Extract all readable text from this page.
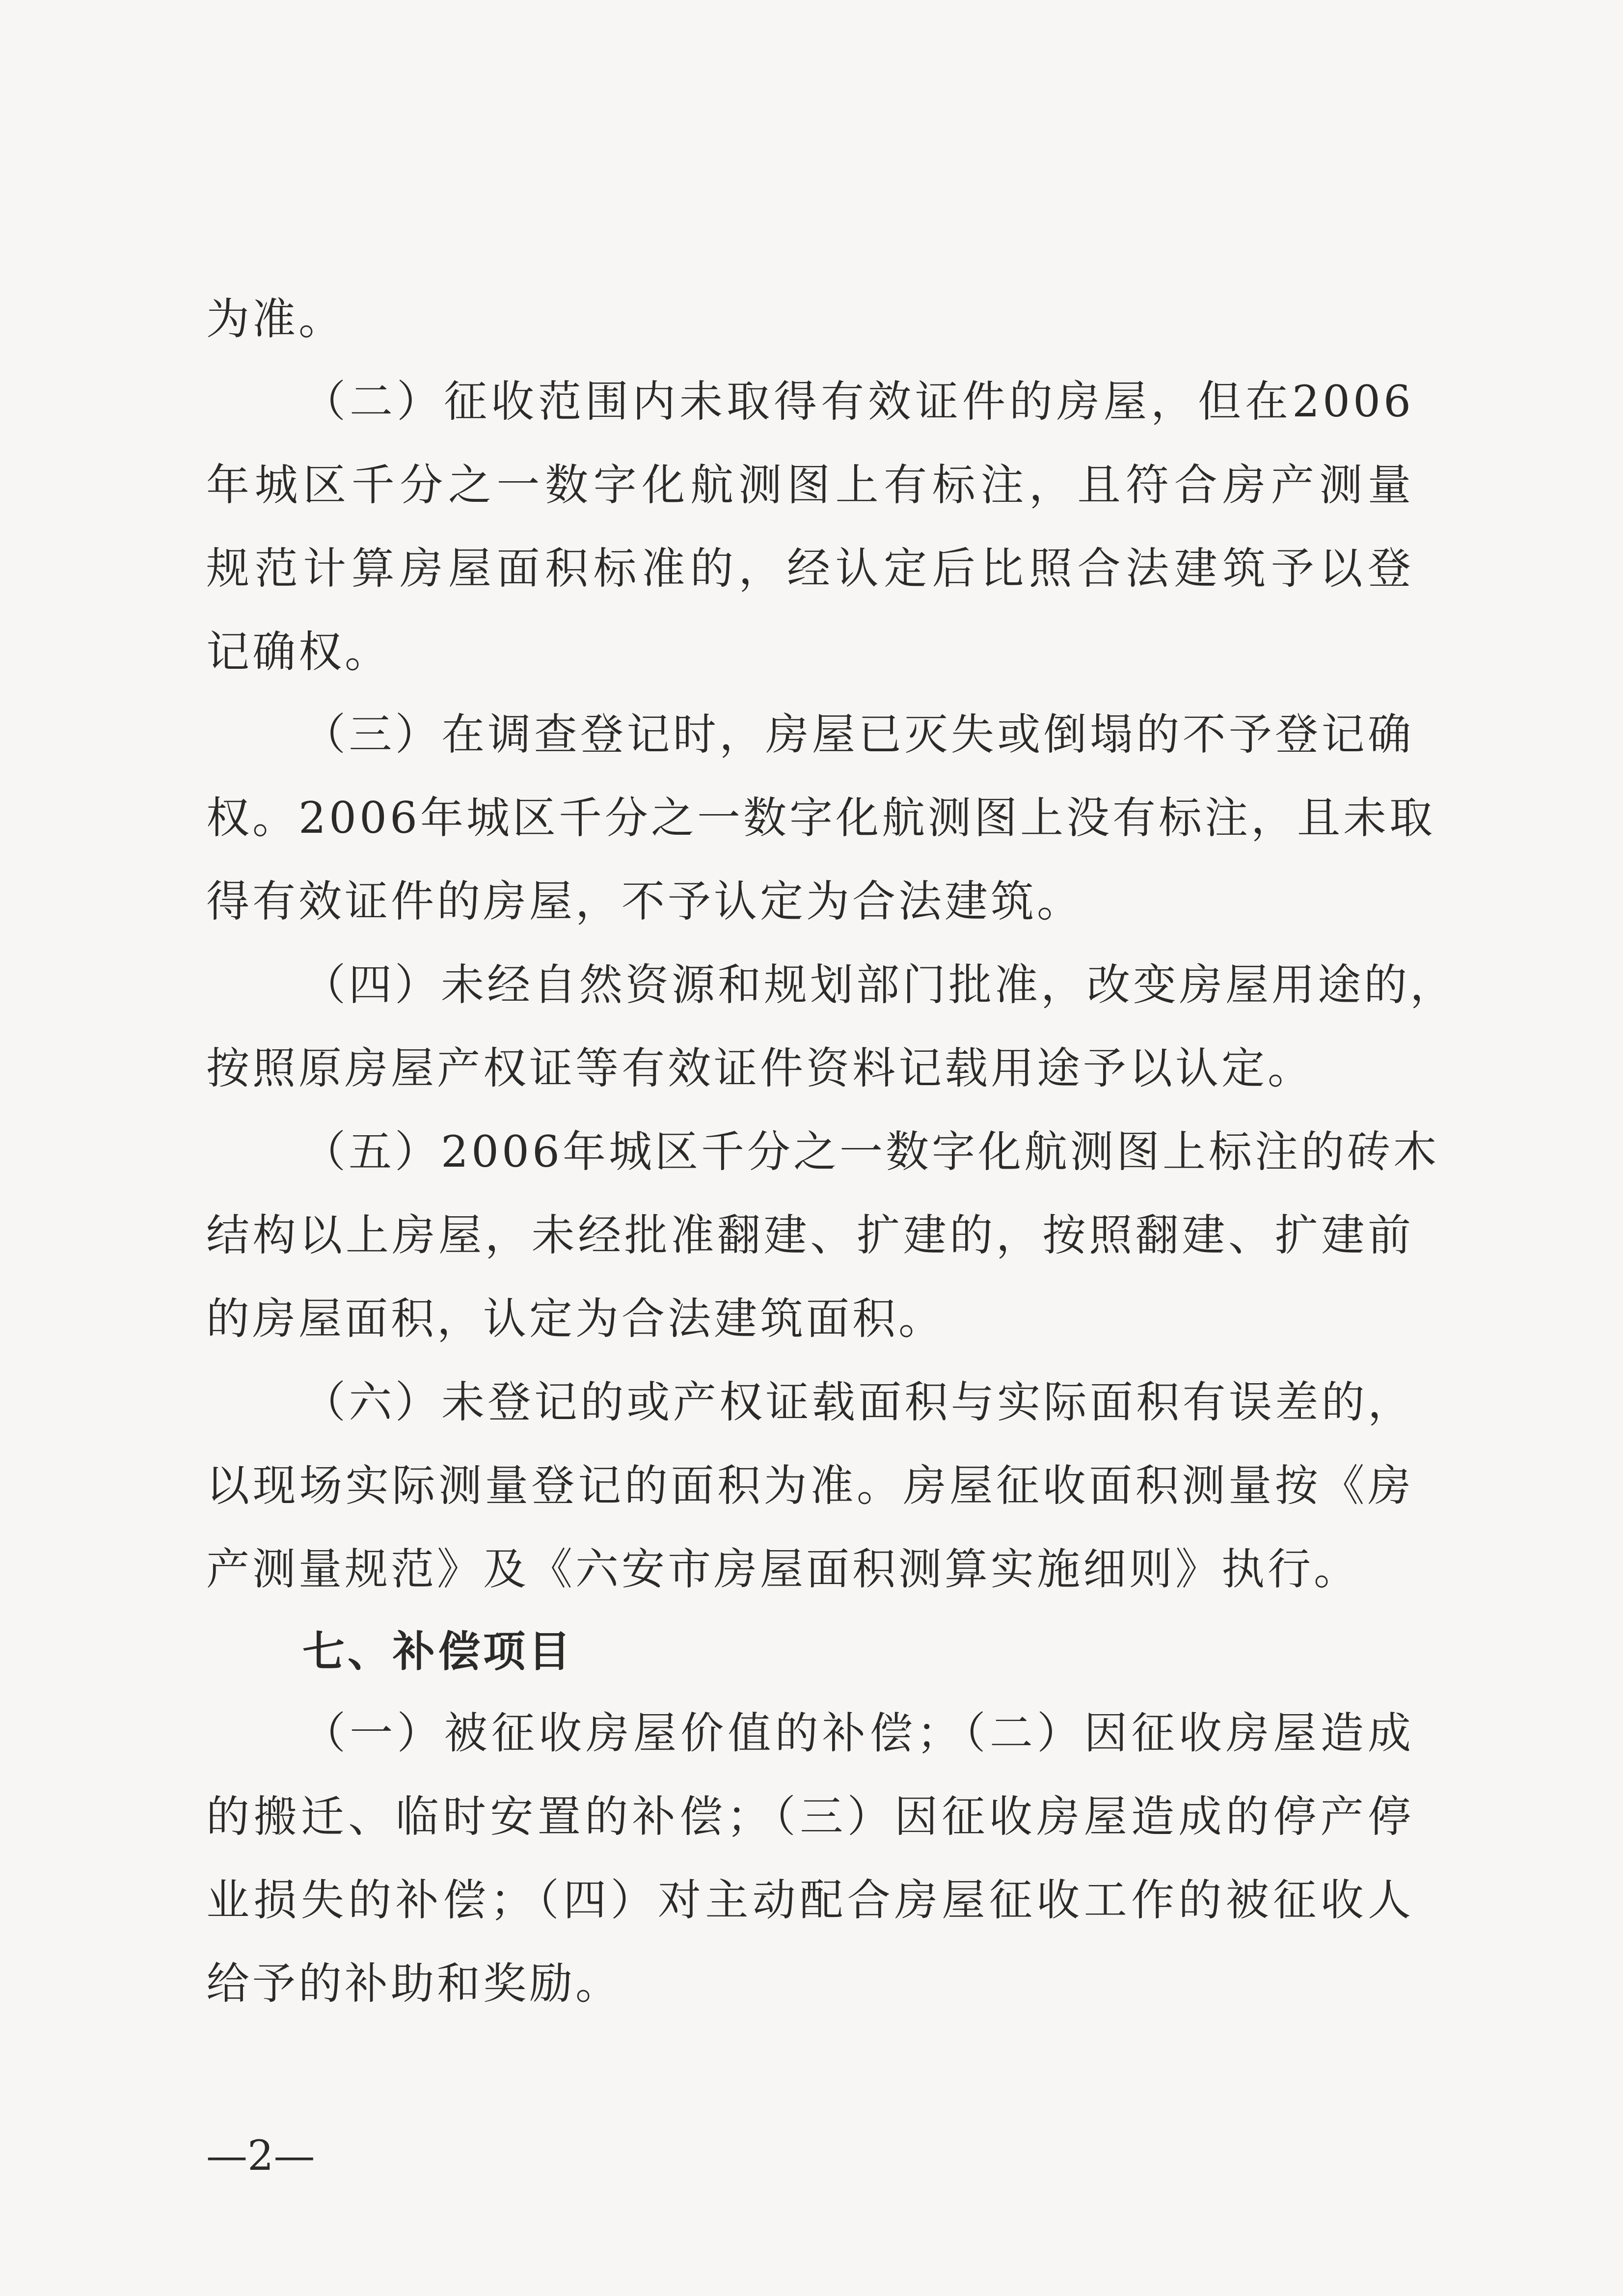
为准。
（二）征收范围内未取得有效证件的房屋，但在2006
年城区千分之一数字化航测图上有标注，且符合房产测量
规范计算房屋面积标准的，经认定后比照合法建筑予以登
记确权。
（三）在调查登记时，房屋已灭失或倒塌的不予登记确
权。2006年城区千分之一数字化航测图上没有标注，且未取
得有效证件的房屋，不予认定为合法建筑。
（四）未经自然资源和规划部门批准，改变房屋用途的，
按照原房屋产权证等有效证件资料记载用途予以认定。
（五）2006年城区千分之一数字化航测图上标注的砖木
结构以上房屋，未经批准翻建、扩建的，按照翻建、扩建前
的房屋面积，认定为合法建筑面积。
（六）未登记的或产权证载面积与实际面积有误差的，
以现场实际测量登记的面积为准。房屋征收面积测量按《房
产测量规范》及《六安市房屋面积测算实施细则》执行。
七、补偿项目
（一）被征收房屋价值的补偿；（二）因征收房屋造成
的搬迁、临时安置的补偿；（三）因征收房屋造成的停产停
业损失的补偿；（四）对主动配合房屋征收工作的被征收人
给予的补助和奖励。
—2—
